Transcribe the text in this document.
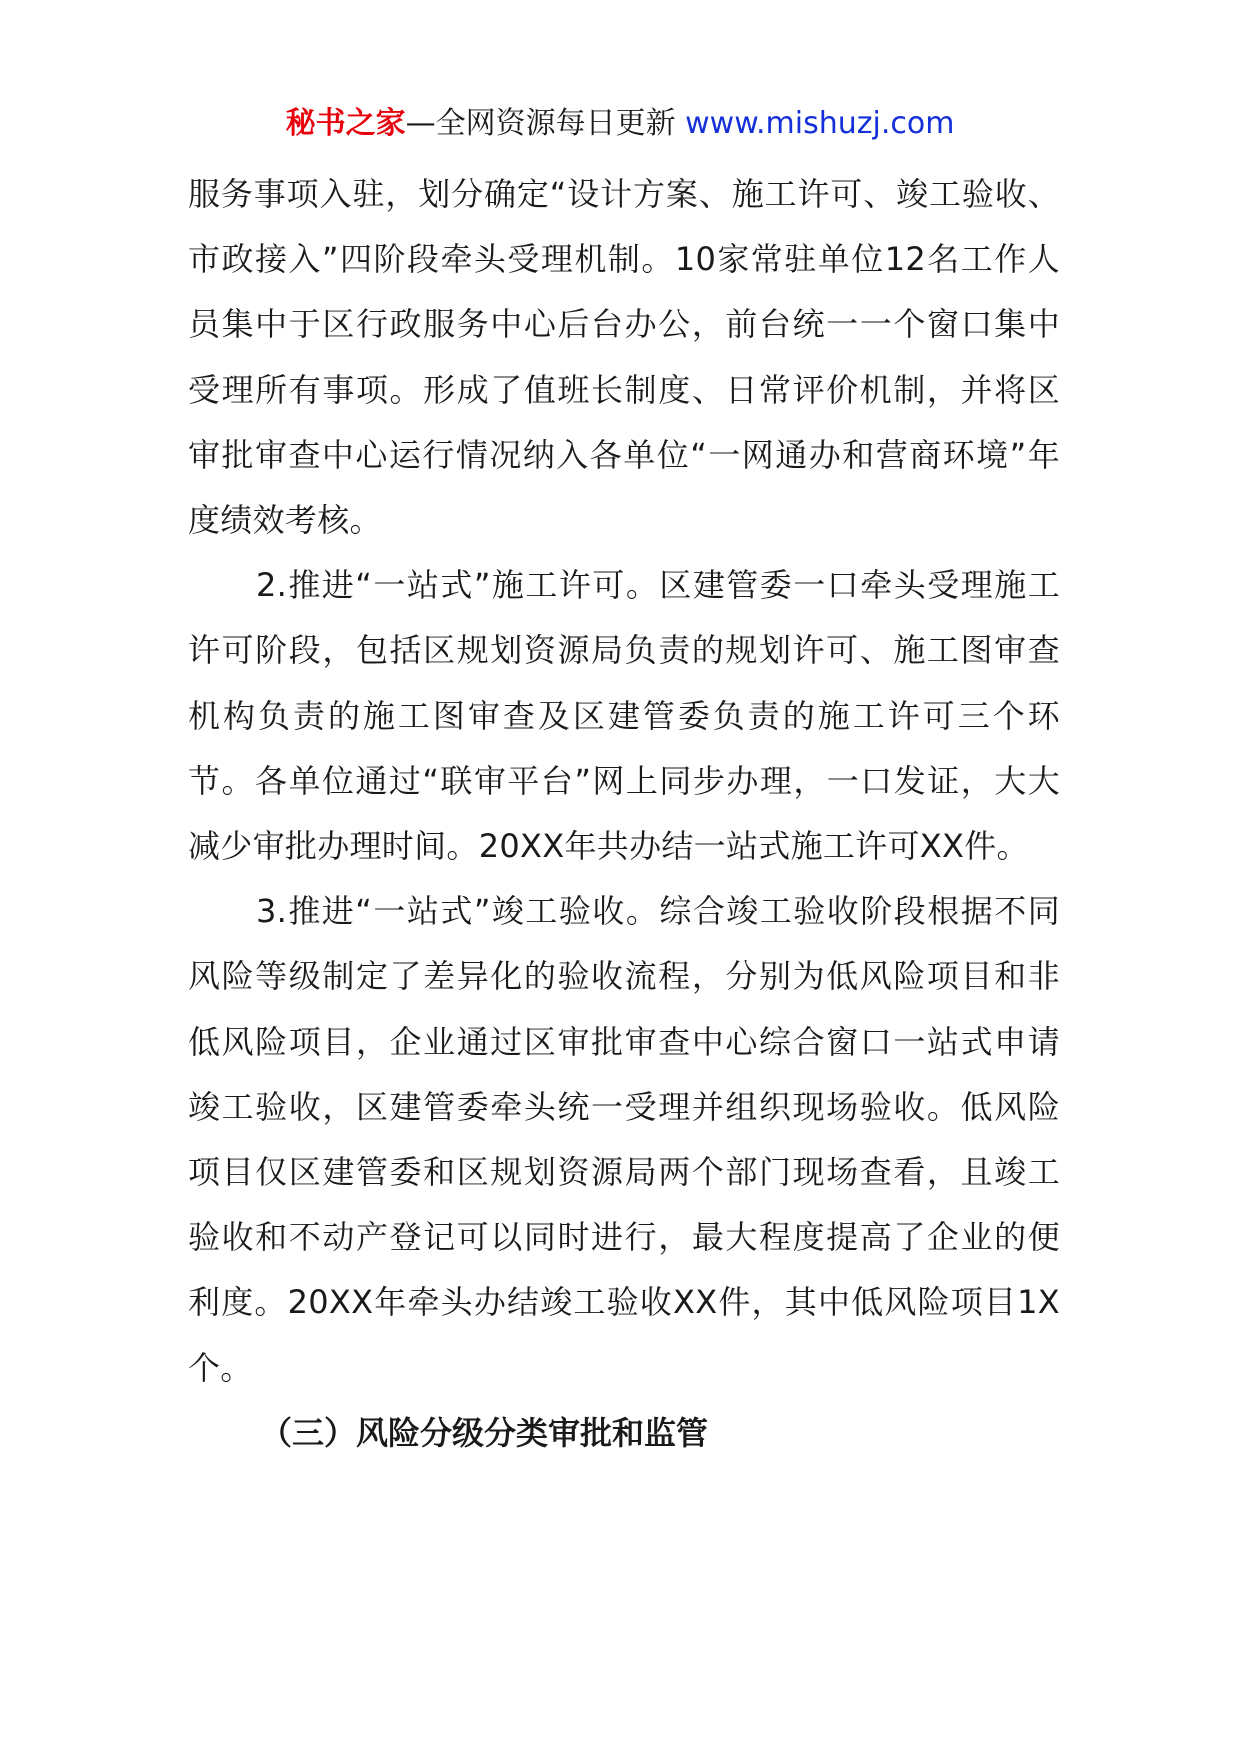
秘书之家—全网资源每日更新 www.mishuzj.com

服务事项入驻，划分确定“设计方案、施工许可、竣工验收、市政接入”四阶段牵头受理机制。10家常驻单位12名工作人员集中于区行政服务中心后台办公，前台统一一个窗口集中受理所有事项。形成了值班长制度、日常评价机制，并将区审批审查中心运行情况纳入各单位“一网通办和营商环境”年度绩效考核。

2.推进“一站式”施工许可。区建管委一口牵头受理施工许可阶段，包括区规划资源局负责的规划许可、施工图审查机构负责的施工图审查及区建管委负责的施工许可三个环节。各单位通过“联审平台”网上同步办理，一口发证，大大减少审批办理时间。20XX年共办结一站式施工许可XX件。

3.推进“一站式”竣工验收。综合竣工验收阶段根据不同风险等级制定了差异化的验收流程，分别为低风险项目和非低风险项目，企业通过区审批审查中心综合窗口一站式申请竣工验收，区建管委牵头统一受理并组织现场验收。低风险项目仅区建管委和区规划资源局两个部门现场查看，且竣工验收和不动产登记可以同时进行，最大程度提高了企业的便利度。20XX年牵头办结竣工验收XX件，其中低风险项目1X个。

（三）风险分级分类审批和监管
